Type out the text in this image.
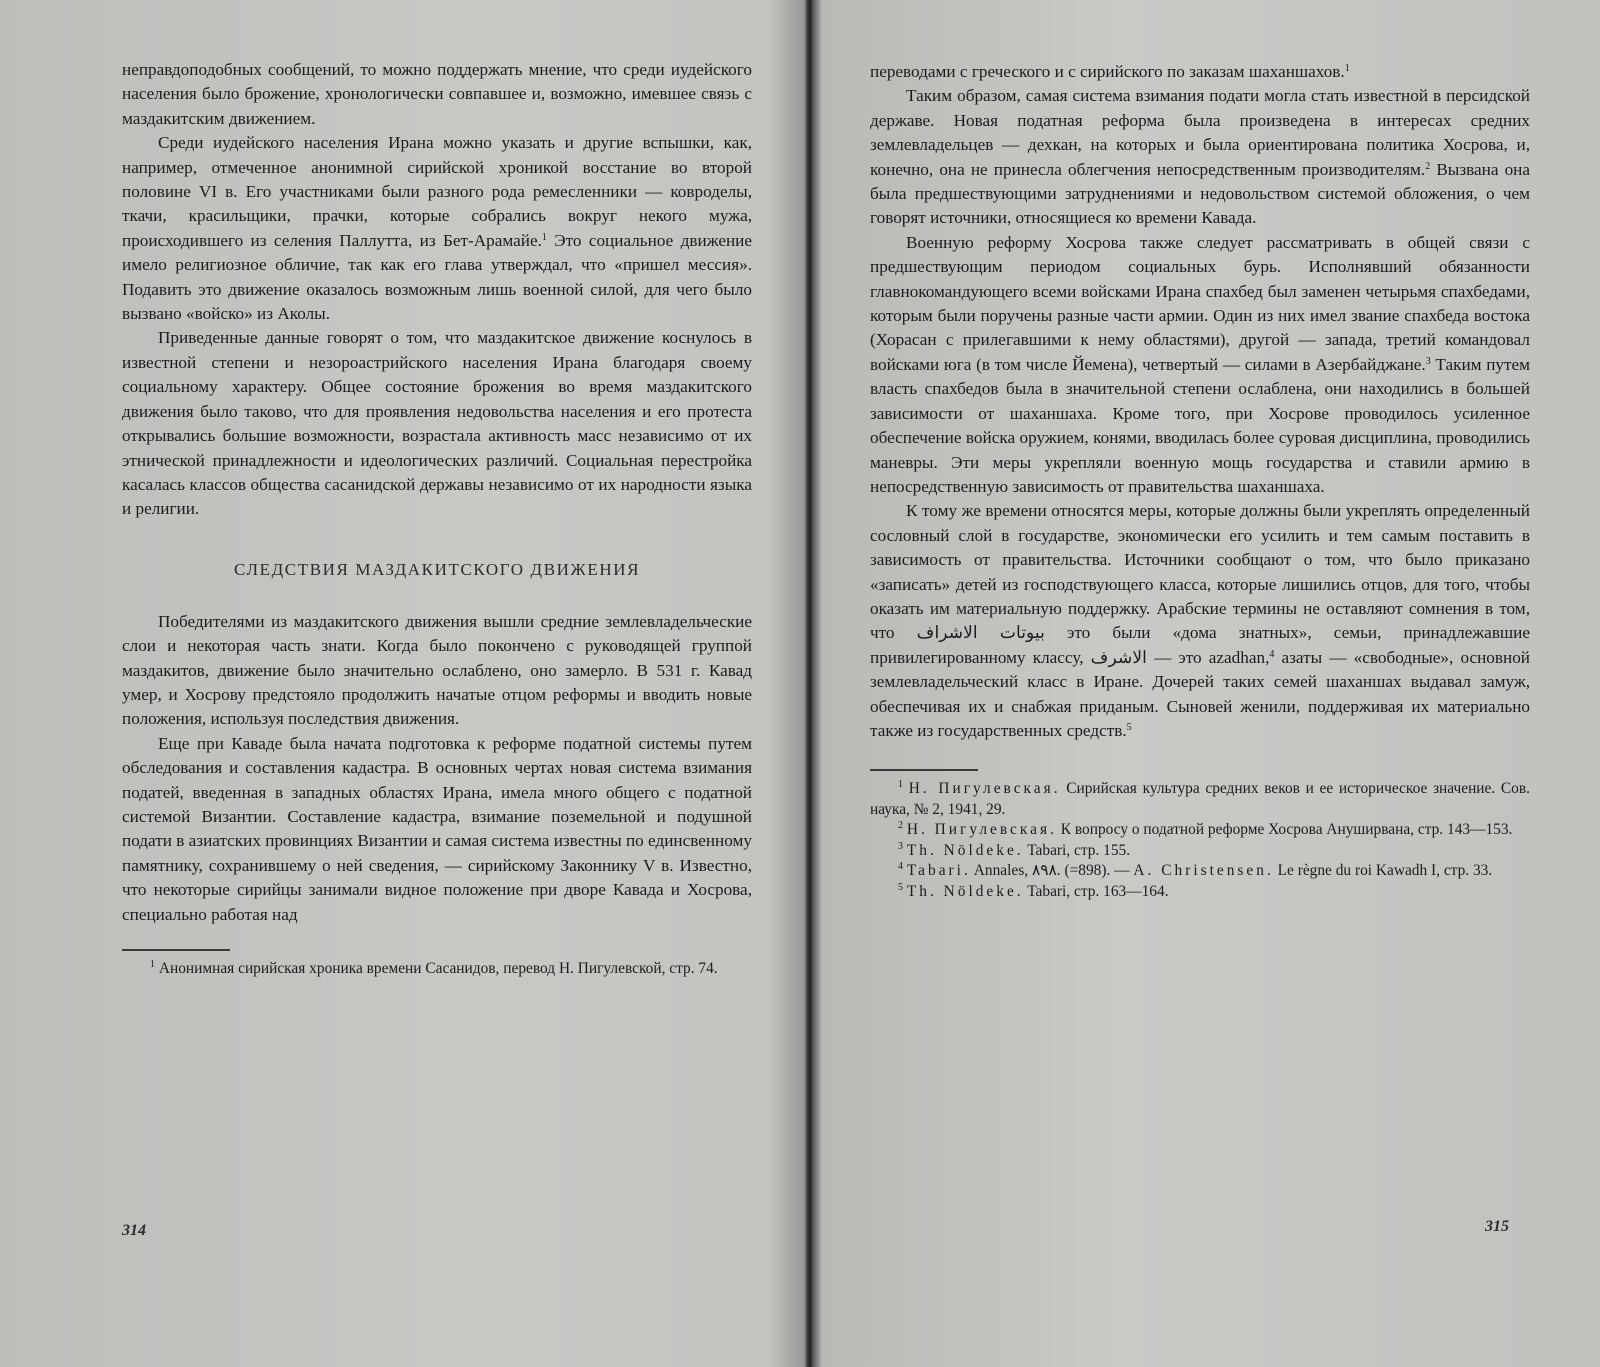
неправдоподобных сообщений, то можно поддержать мнение, что среди иудейского населения было брожение, хронологически совпавшее и, возможно, имевшее связь с маздакитским движением.

Среди иудейского населения Ирана можно указать и другие вспышки, как, например, отмеченное анонимной сирийской хроникой восстание во второй половине VI в. Его участниками были разного рода ремесленники — ковроделы, ткачи, красильщики, прачки, которые собрались вокруг некого мужа, происходившего из селения Паллутта, из Бет-Арамайе.$^1$ Это социальное движение имело религиозное обличие, так как его глава утверждал, что «пришел мессия». Подавить это движение оказалось возможным лишь военной силой, для чего было вызвано «войско» из Аколы.

Приведенные данные говорят о том, что маздакитское движение коснулось в известной степени и незороастрийского населения Ирана благодаря своему социальному характеру. Общее состояние брожения во время маздакитского движения было таково, что для проявления недовольства населения и его протеста открывались большие возможности, возрастала активность масс независимо от их этнической принадлежности и идеологических различий. Социальная перестройка касалась классов общества сасанидской державы независимо от их народности языка и религии.

СЛЕДСТВИЯ МАЗДАКИТСКОГО ДВИЖЕНИЯ

Победителями из маздакитского движения вышли средние землевладельческие слои и некоторая часть знати. Когда было покончено с руководящей группой маздакитов, движение было значительно ослаблено, оно замерло. В 531 г. Кавад умер, и Хосрову предстояло продолжить начатые отцом реформы и вводить новые положения, используя последствия движения.

Еще при Каваде была начата подготовка к реформе податной системы путем обследования и составления кадастра. В основных чертах новая система взимания податей, введенная в западных областях Ирана, имела много общего с податной системой Византии. Составление кадастра, взимание поземельной и подушной подати в азиатских провинциях Византии и самая система известны по единсвенному памятнику, сохранившему о ней сведения, — сирийскому Законнику V в. Известно, что некоторые сирийцы занимали видное положение при дворе Кавада и Хосрова, специально работая над

$^1$ Анонимная сирийская хроника времени Сасанидов, перевод Н. Пигулевской, стр. 74.

314

переводами с греческого и с сирийского по заказам шаханшахов.$^1$

Таким образом, самая система взимания подати могла стать известной в персидской державе. Новая податная реформа была произведена в интересах средних землевладельцев — дехкан, на которых и была ориентирована политика Хосрова, и, конечно, она не принесла облегчения непосредственным производителям.$^2$ Вызвана она была предшествующими затруднениями и недовольством системой обложения, о чем говорят источники, относящиеся ко времени Кавада.

Военную реформу Хосрова также следует рассматривать в общей связи с предшествующим периодом социальных бурь. Исполнявший обязанности главнокомандующего всеми войсками Ирана спахбед был заменен четырьмя спахбедами, которым были поручены разные части армии. Один из них имел звание спахбеда востока (Хорасан с прилегавшими к нему областями), другой — запада, третий командовал войсками юга (в том числе Йемена), четвертый — силами в Азербайджане.$^3$ Таким путем власть спахбедов была в значительной степени ослаблена, они находились в большей зависимости от шаханшаха. Кроме того, при Хосрове проводилось усиленное обеспечение войска оружием, конями, вводилась более суровая дисциплина, проводились маневры. Эти меры укрепляли военную мощь государства и ставили армию в непосредственную зависимость от правительства шаханшаха.

К тому же времени относятся меры, которые должны были укреплять определенный сословный слой в государстве, экономически его усилить и тем самым поставить в зависимость от правительства. Источники сообщают о том, что было приказано «записать» детей из господствующего класса, которые лишились отцов, для того, чтобы оказать им материальную поддержку. Арабские термины не оставляют сомнения в том, что بيوتات الاشراف это были «дома знатных», семьи, принадлежавшие привилегированному классу, الاشرف — это azadhan,$^4$ азаты — «свободные», основной землевладельческий класс в Иране. Дочерей таких семей шаханшах выдавал замуж, обеспечивая их и снабжая приданым. Сыновей женили, поддерживая их материально также из государственных средств.$^5$

$^1$ Н. Пигулевская. Сирийская культура средних веков и ее историческое значение. Сов. наука, № 2, 1941, 29.

$^2$ Н. Пигулевская. К вопросу о податной реформе Хосрова Ануширвана, стр. 143—153.

$^3$ Th. Nöldeke. Tabari, стр. 155.

$^4$ Tabari. Annales, ٨٩٨. (=898). — A. Christensen. Le règne du roi Kawadh I, стр. 33.

$^5$ Th. Nöldeke. Tabari, стр. 163—164.

315
